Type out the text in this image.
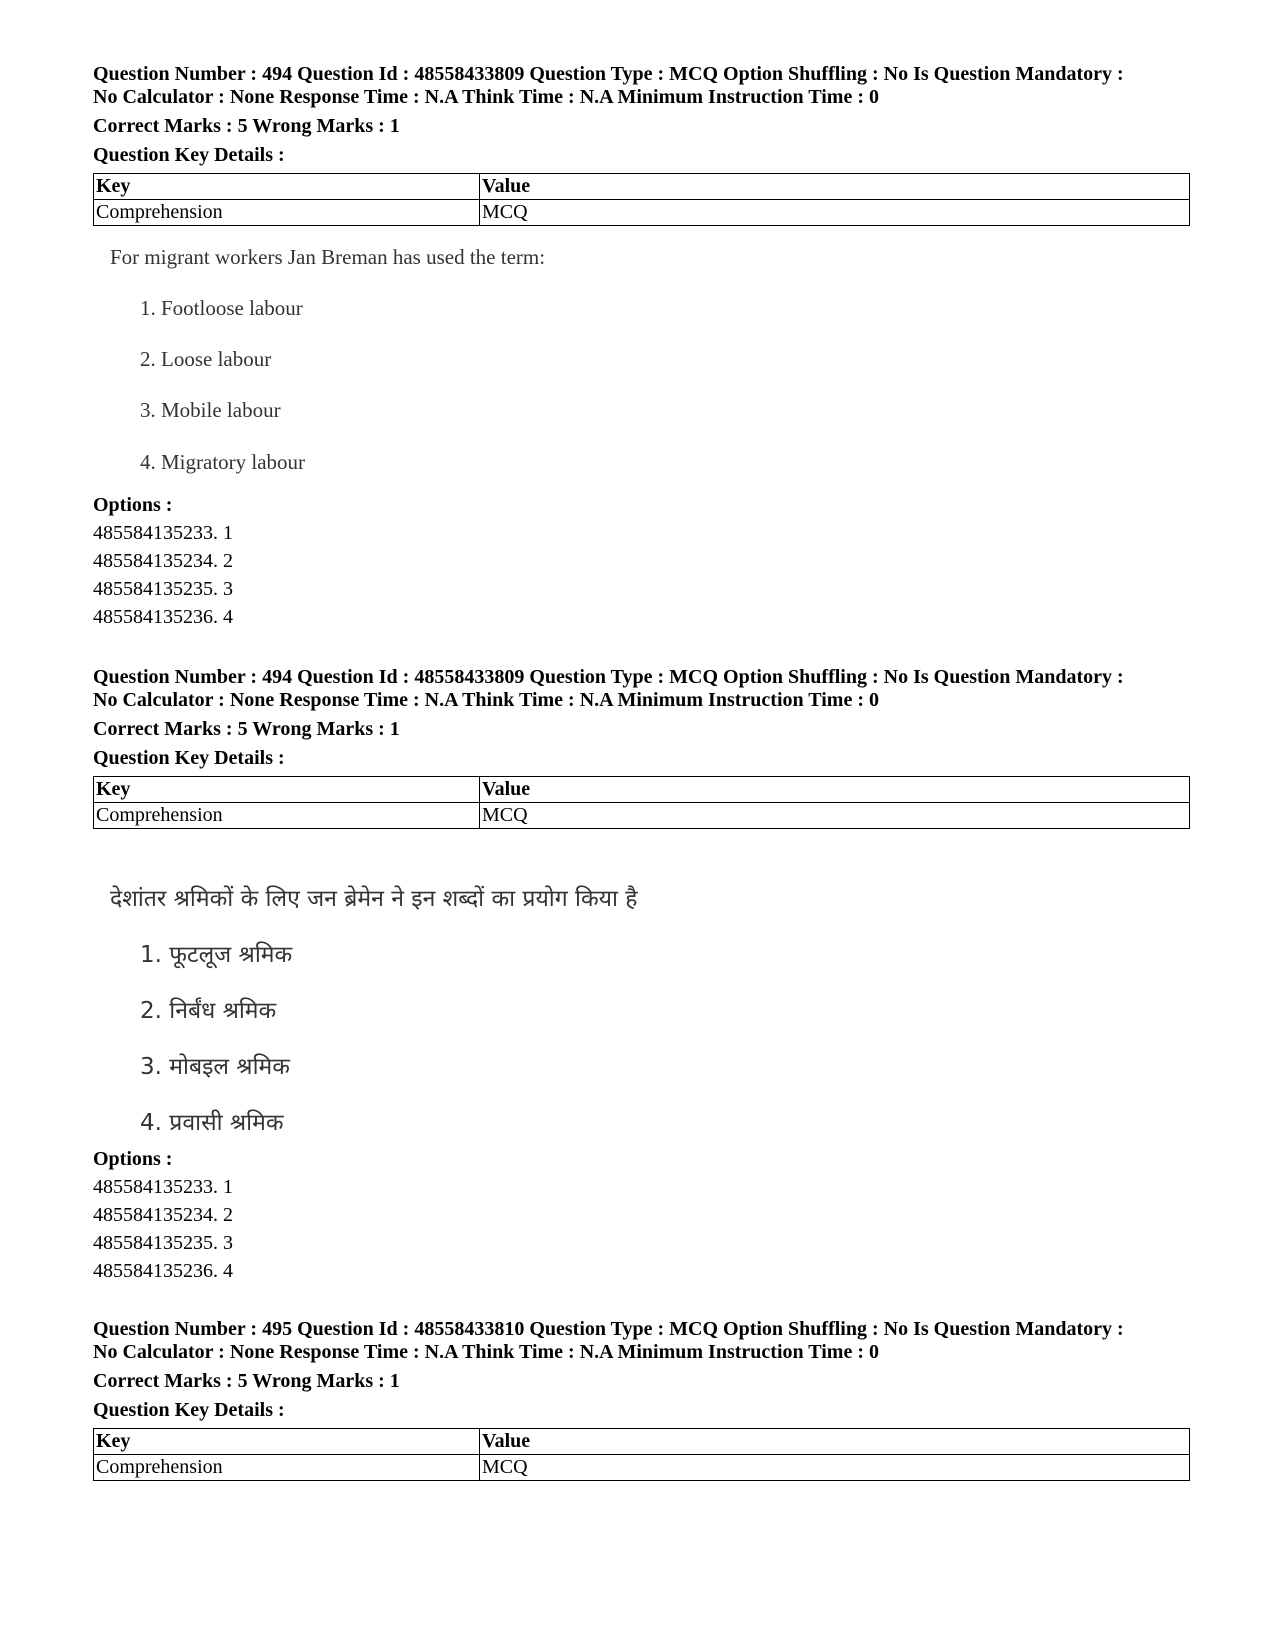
Question Number : 494 Question Id : 48558433809 Question Type : MCQ Option Shuffling : No Is Question Mandatory :

No Calculator : None Response Time : N.A Think Time : N.A Minimum Instruction Time : 0

Correct Marks : 5 Wrong Marks : 1
Question Key Details :
Key	Value
Comprehension	MCQ

For migrant workers Jan Breman has used the term:

1. Footloose labour

2. Loose labour

3. Mobile labour

4. Migratory labour

Options :
485584135233. 1
485584135234. 2
485584135235. 3
485584135236. 4

Question Number : 494 Question Id : 48558433809 Question Type : MCQ Option Shuffling : No Is Question Mandatory :

No Calculator : None Response Time : N.A Think Time : N.A Minimum Instruction Time : 0

Correct Marks : 5 Wrong Marks : 1
Question Key Details :
Key	Value
Comprehension	MCQ

देशांतर श्रमिकों के लिए जन ब्रेमेन ने इन शब्दों का प्रयोग किया है

1. फूटलूज श्रमिक

2. निर्बंध श्रमिक

3. मोबइल श्रमिक

4. प्रवासी श्रमिक

Options :
485584135233. 1
485584135234. 2
485584135235. 3
485584135236. 4

Question Number : 495 Question Id : 48558433810 Question Type : MCQ Option Shuffling : No Is Question Mandatory :

No Calculator : None Response Time : N.A Think Time : N.A Minimum Instruction Time : 0

Correct Marks : 5 Wrong Marks : 1
Question Key Details :
Key	Value
Comprehension	MCQ
